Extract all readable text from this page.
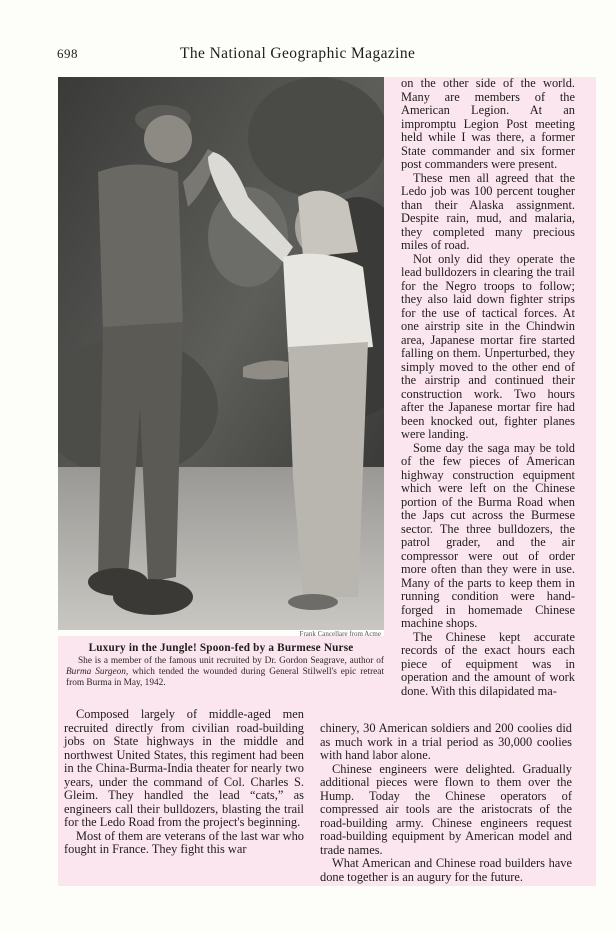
698	The National Geographic Magazine
Frank Cancellare from Acme
Luxury in the Jungle! Spoon-fed by a Burmese Nurse

She is a member of the famous unit recruited by Dr. Gordon Seagrave, author of Burma Surgeon, which tended the wounded during General Stilwell's epic retreat from Burma in May, 1942.

on the other side of the world. Many are members of the American Legion. At an impromptu Legion Post meeting held while I was there, a former State commander and six former post commanders were present.

These men all agreed that the Ledo job was 100 percent tougher than their Alaska assignment. Despite rain, mud, and malaria, they completed many precious miles of road.

Not only did they operate the lead bulldozers in clearing the trail for the Negro troops to follow; they also laid down fighter strips for the use of tactical forces. At one airstrip site in the Chindwin area, Japanese mortar fire started falling on them. Unperturbed, they simply moved to the other end of the airstrip and continued their construction work. Two hours after the Japanese mortar fire had been knocked out, fighter planes were landing.

Some day the saga may be told of the few pieces of American highway construction equipment which were left on the Chinese portion of the Burma Road when the Japs cut across the Burmese sector. The three bulldozers, the patrol grader, and the air compressor were out of order more often than they were in use. Many of the parts to keep them in running condition were hand-forged in homemade Chinese machine shops.

The Chinese kept accurate records of the exact hours each piece of equipment was in operation and the amount of work done. With this dilapidated ma-

Composed largely of middle-aged men recruited directly from civilian road-building jobs on State highways in the middle and northwest United States, this regiment had been in the China-Burma-India theater for nearly two years, under the command of Col. Charles S. Gleim. They handled the lead “cats,” as engineers call their bulldozers, blasting the trail for the Ledo Road from the project's beginning.

Most of them are veterans of the last war who fought in France. They fight this war

chinery, 30 American soldiers and 200 coolies did as much work in a trial period as 30,000 coolies with hand labor alone.

Chinese engineers were delighted. Gradually additional pieces were flown to them over the Hump. Today the Chinese operators of compressed air tools are the aristocrats of the road-building army. Chinese engineers request road-building equipment by American model and trade names.

What American and Chinese road builders have done together is an augury for the future.
